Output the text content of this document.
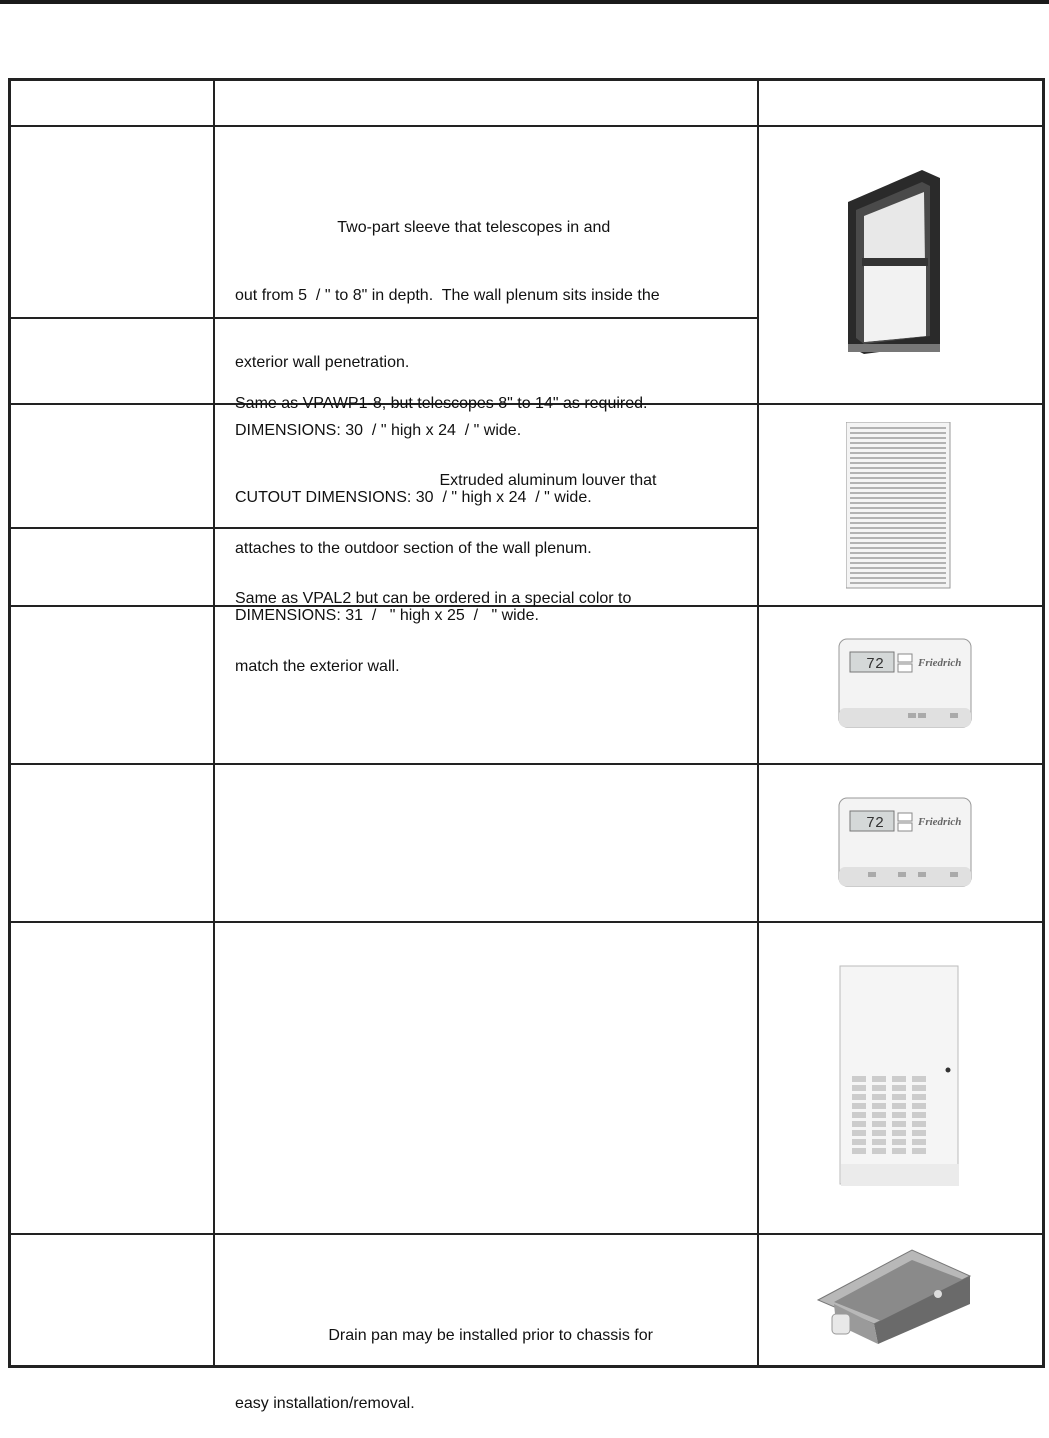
Two-part sleeve that telescopes in and

out from 5  / " to 8" in depth.  The wall plenum sits inside the

exterior wall penetration.

DIMENSIONS: 30  / " high x 24  / " wide.

CUTOUT DIMENSIONS: 30  / " high x 24  / " wide.

Same as VPAWP1-8, but telescopes 8" to 14" as required.

Extruded aluminum louver that

attaches to the outdoor section of the wall plenum.

DIMENSIONS: 31  /   " high x 25  /   " wide.

Same as VPAL2 but can be ordered in a special color to

match the exterior wall.

Drain pan may be installed prior to chassis for

easy installation/removal.

72	Friedrich
72	Friedrich
